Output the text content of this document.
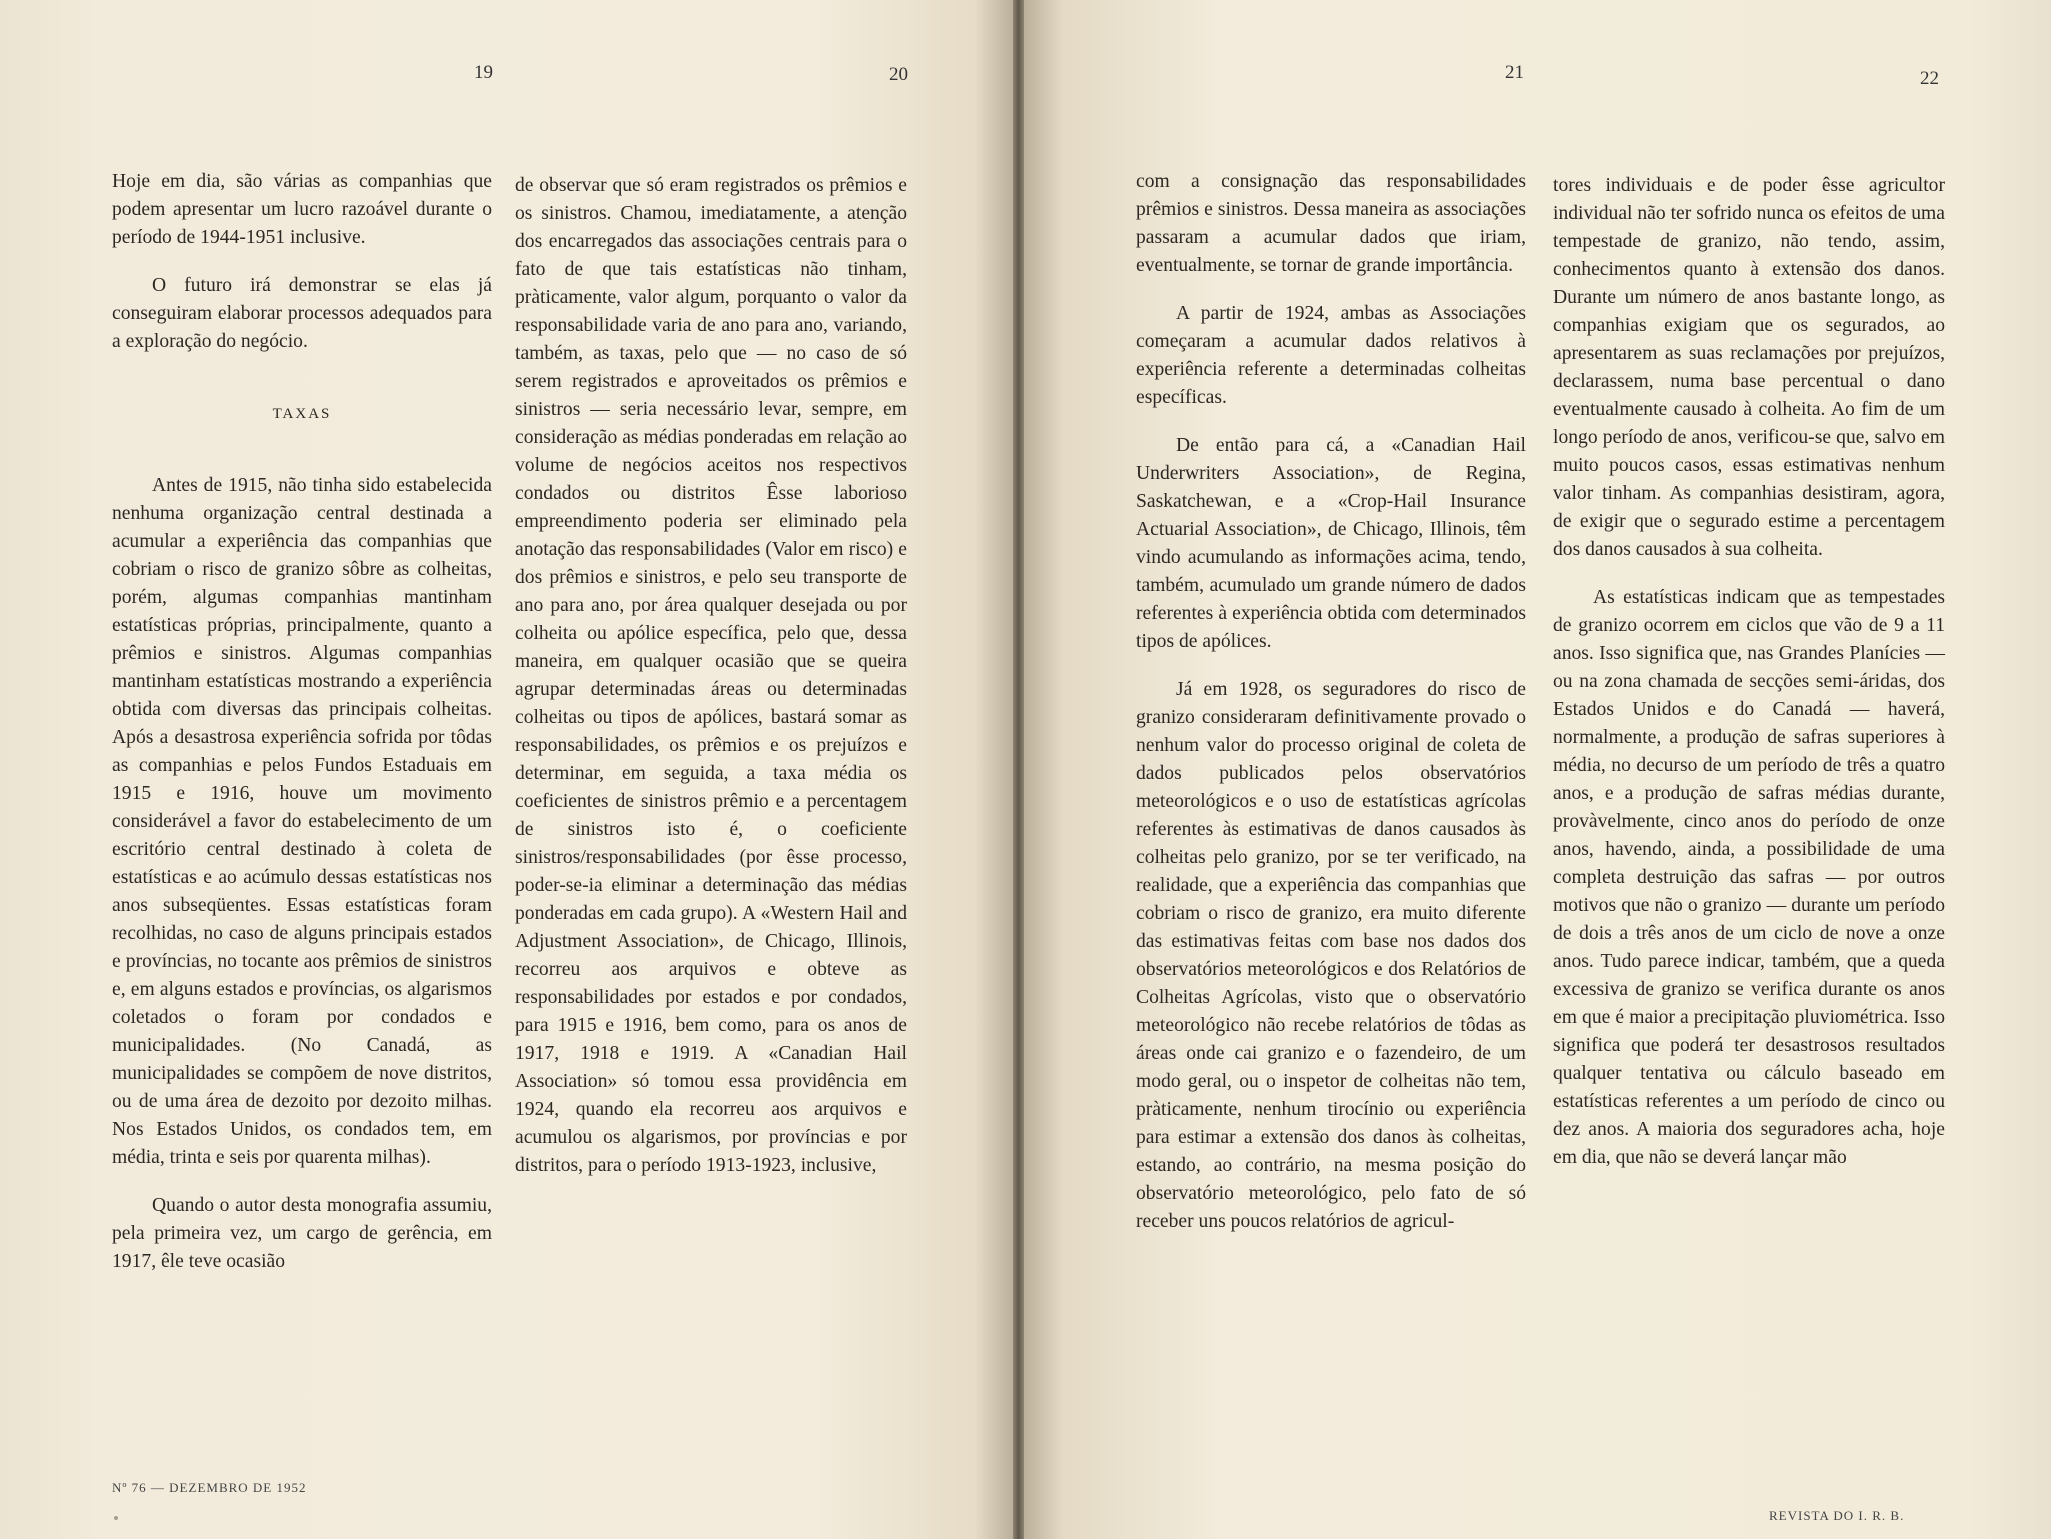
19	20	21	22

Hoje em dia, são várias as companhias que podem apresentar um lucro razoável durante o período de 1944-1951 inclusive.

O futuro irá demonstrar se elas já conseguiram elaborar processos adequados para a exploração do negócio.

TAXAS

Antes de 1915, não tinha sido estabelecida nenhuma organização central destinada a acumular a experiência das companhias que cobriam o risco de granizo sôbre as colheitas, porém, algumas companhias mantinham estatísticas próprias, principalmente, quanto a prêmios e sinistros. Algumas companhias mantinham estatísticas mostrando a experiência obtida com diversas das principais colheitas. Após a desastrosa experiência sofrida por tôdas as companhias e pelos Fundos Estaduais em 1915 e 1916, houve um movimento considerável a favor do estabelecimento de um escritório central destinado à coleta de estatísticas e ao acúmulo dessas estatísticas nos anos subseqüentes. Essas estatísticas foram recolhidas, no caso de alguns principais estados e províncias, no tocante aos prêmios de sinistros e, em alguns estados e províncias, os algarismos coletados o foram por condados e municipalidades. (No Canadá, as municipalidades se compõem de nove distritos, ou de uma área de dezoito por dezoito milhas. Nos Estados Unidos, os condados tem, em média, trinta e seis por quarenta milhas).

Quando o autor desta monografia assumiu, pela primeira vez, um cargo de gerência, em 1917, êle teve ocasião

de observar que só eram registrados os prêmios e os sinistros. Chamou, imediatamente, a atenção dos encarregados das associações centrais para o fato de que tais estatísticas não tinham, pràticamente, valor algum, porquanto o valor da responsabilidade varia de ano para ano, variando, também, as taxas, pelo que — no caso de só serem registrados e aproveitados os prêmios e sinistros — seria necessário levar, sempre, em consideração as médias ponderadas em relação ao volume de negócios aceitos nos respectivos condados ou distritos Êsse laborioso empreendimento poderia ser eliminado pela anotação das responsabilidades (Valor em risco) e dos prêmios e sinistros, e pelo seu transporte de ano para ano, por área qualquer desejada ou por colheita ou apólice específica, pelo que, dessa maneira, em qualquer ocasião que se queira agrupar determinadas áreas ou determinadas colheitas ou tipos de apólices, bastará somar as responsabilidades, os prêmios e os prejuízos e determinar, em seguida, a taxa média os coeficientes de sinistros prêmio e a percentagem de sinistros isto é, o coeficiente sinistros/responsabilidades (por êsse processo, poder-se-ia eliminar a determinação das médias ponderadas em cada grupo). A «Western Hail and Adjustment Association», de Chicago, Illinois, recorreu aos arquivos e obteve as responsabilidades por estados e por condados, para 1915 e 1916, bem como, para os anos de 1917, 1918 e 1919. A «Canadian Hail Association» só tomou essa providência em 1924, quando ela recorreu aos arquivos e acumulou os algarismos, por províncias e por distritos, para o período 1913-1923, inclusive,

com a consignação das responsabilidades prêmios e sinistros. Dessa maneira as associações passaram a acumular dados que iriam, eventualmente, se tornar de grande importância.

A partir de 1924, ambas as Associações começaram a acumular dados relativos à experiência referente a determinadas colheitas específicas.

De então para cá, a «Canadian Hail Underwriters Association», de Regina, Saskatchewan, e a «Crop-Hail Insurance Actuarial Association», de Chicago, Illinois, têm vindo acumulando as informações acima, tendo, também, acumulado um grande número de dados referentes à experiência obtida com determinados tipos de apólices.

Já em 1928, os seguradores do risco de granizo consideraram definitivamente provado o nenhum valor do processo original de coleta de dados publicados pelos observatórios meteorológicos e o uso de estatísticas agrícolas referentes às estimativas de danos causados às colheitas pelo granizo, por se ter verificado, na realidade, que a experiência das companhias que cobriam o risco de granizo, era muito diferente das estimativas feitas com base nos dados dos observatórios meteorológicos e dos Relatórios de Colheitas Agrícolas, visto que o observatório meteorológico não recebe relatórios de tôdas as áreas onde cai granizo e o fazendeiro, de um modo geral, ou o inspetor de colheitas não tem, pràticamente, nenhum tirocínio ou experiência para estimar a extensão dos danos às colheitas, estando, ao contrário, na mesma posição do observatório meteorológico, pelo fato de só receber uns poucos relatórios de agricul-

tores individuais e de poder êsse agricultor individual não ter sofrido nunca os efeitos de uma tempestade de granizo, não tendo, assim, conhecimentos quanto à extensão dos danos. Durante um número de anos bastante longo, as companhias exigiam que os segurados, ao apresentarem as suas reclamações por prejuízos, declarassem, numa base percentual o dano eventualmente causado à colheita. Ao fim de um longo período de anos, verificou-se que, salvo em muito poucos casos, essas estimativas nenhum valor tinham. As companhias desistiram, agora, de exigir que o segurado estime a percentagem dos danos causados à sua colheita.

As estatísticas indicam que as tempestades de granizo ocorrem em ciclos que vão de 9 a 11 anos. Isso significa que, nas Grandes Planícies — ou na zona chamada de secções semi-áridas, dos Estados Unidos e do Canadá — haverá, normalmente, a produção de safras superiores à média, no decurso de um período de três a quatro anos, e a produção de safras médias durante, provàvelmente, cinco anos do período de onze anos, havendo, ainda, a possibilidade de uma completa destruição das safras — por outros motivos que não o granizo — durante um período de dois a três anos de um ciclo de nove a onze anos. Tudo parece indicar, também, que a queda excessiva de granizo se verifica durante os anos em que é maior a precipitação pluviométrica. Isso significa que poderá ter desastrosos resultados qualquer tentativa ou cálculo baseado em estatísticas referentes a um período de cinco ou dez anos. A maioria dos seguradores acha, hoje em dia, que não se deverá lançar mão

Nº 76 — DEZEMBRO DE 1952
REVISTA DO I. R. B.
